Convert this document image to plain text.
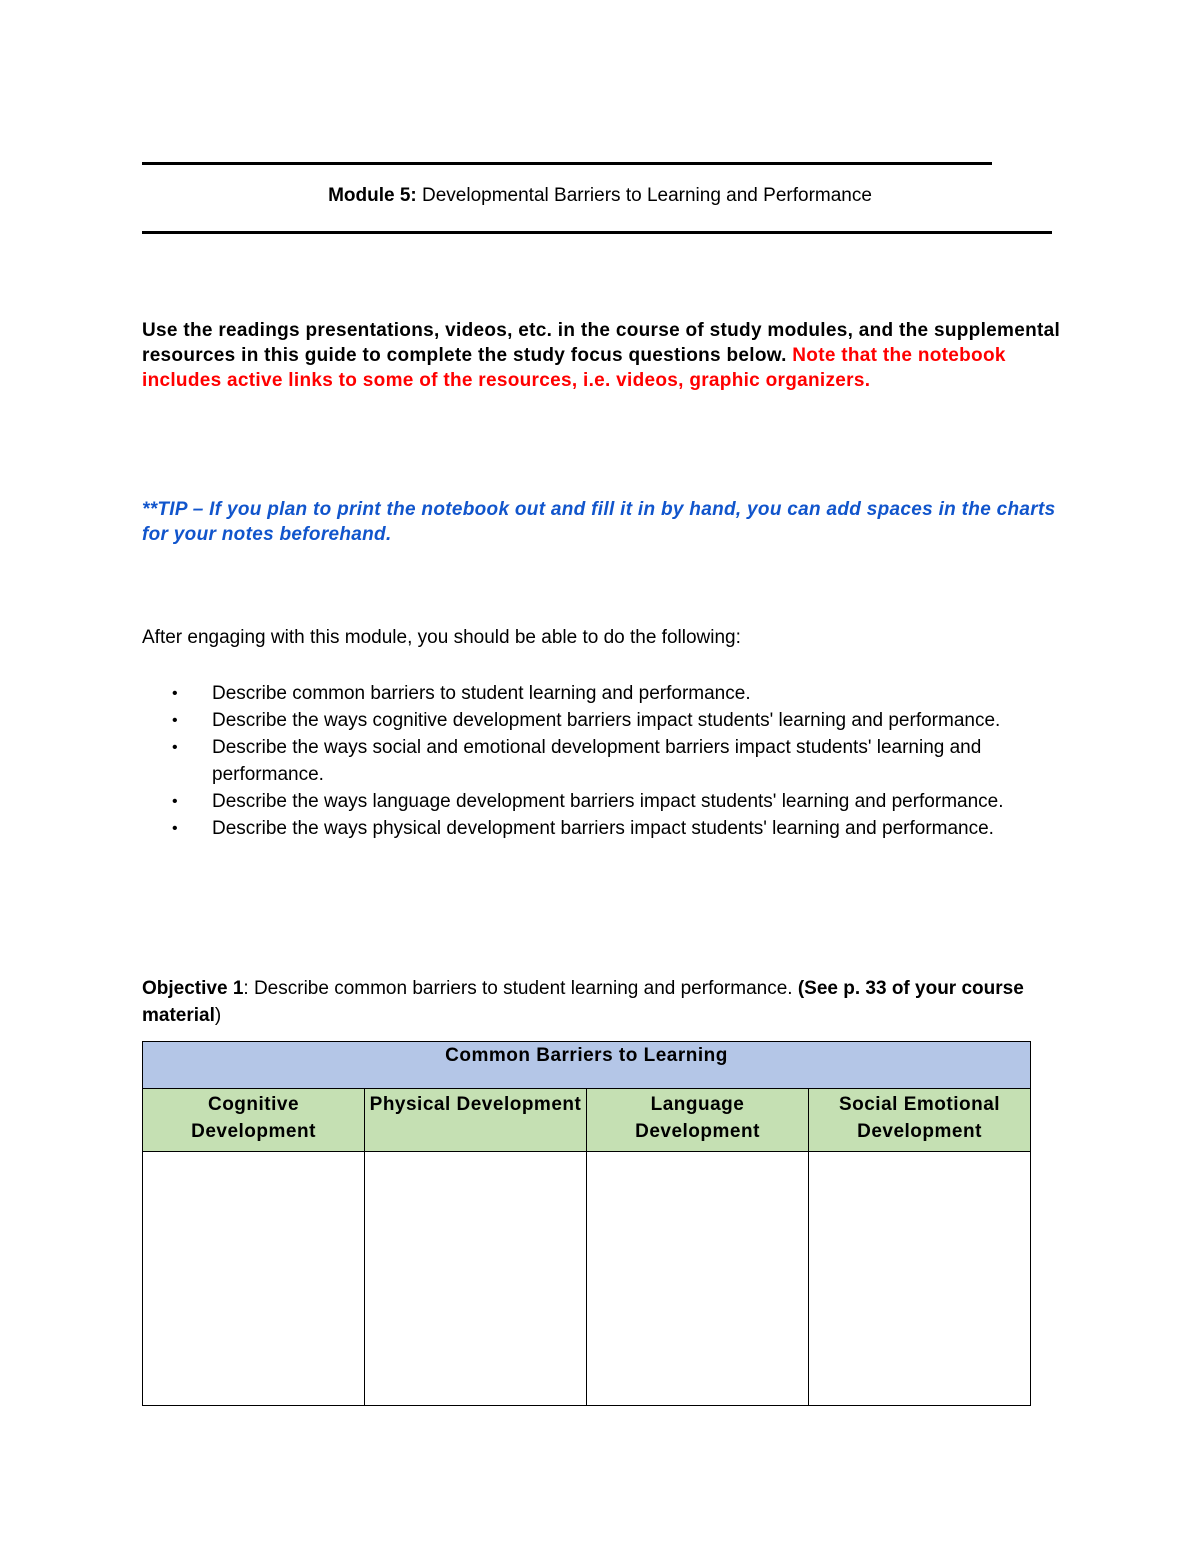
Module 5: Developmental Barriers to Learning and Performance
Use the readings presentations, videos, etc. in the course of study modules, and the supplemental resources in this guide to complete the study focus questions below. Note that the notebook includes active links to some of the resources, i.e. videos, graphic organizers.
**TIP – If you plan to print the notebook out and fill it in by hand, you can add spaces in the charts for your notes beforehand.
After engaging with this module, you should be able to do the following:
• Describe common barriers to student learning and performance.
• Describe the ways cognitive development barriers impact students' learning and performance.
• Describe the ways social and emotional development barriers impact students' learning and performance.
• Describe the ways language development barriers impact students' learning and performance.
• Describe the ways physical development barriers impact students' learning and performance.
Objective 1: Describe common barriers to student learning and performance. (See p. 33 of your course material)
Common Barriers to Learning			
Cognitive Development	Physical Development	Language Development	Social Emotional Development
